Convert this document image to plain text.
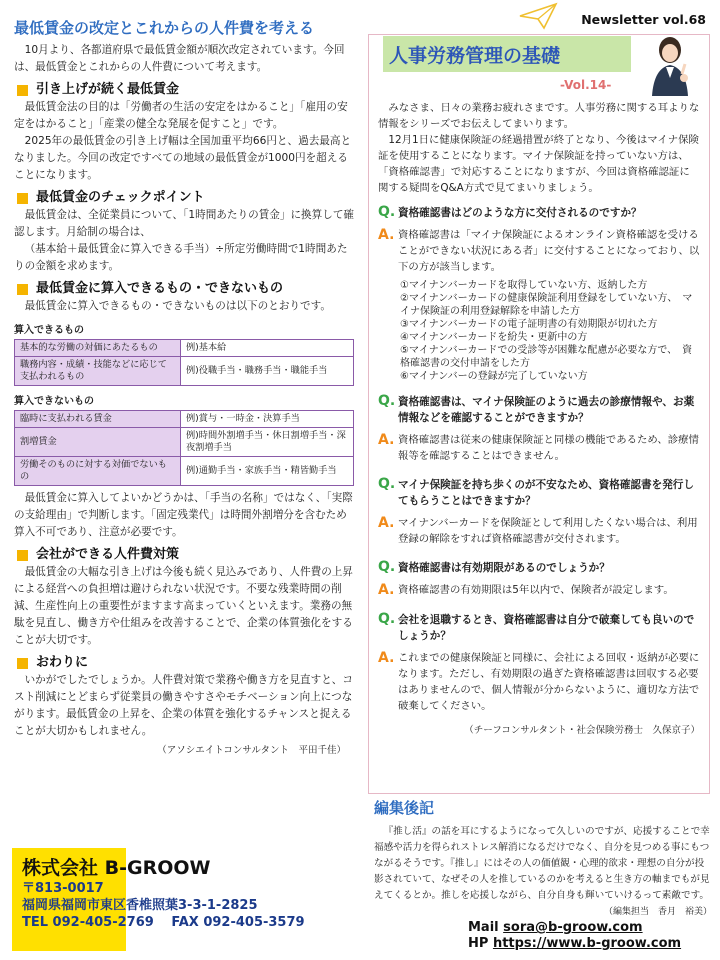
最低賃金の改定とこれからの人件費を考える
10月より、各都道府県で最低賃金額が順次改定されています。今回は、最低賃金とこれからの人件費について考えます。
引き上げが続く最低賃金
最低賃金法の目的は「労働者の生活の安定をはかること」「雇用の安定をはかること」「産業の健全な発展を促すこと」です。
2025年の最低賃金の引き上げ幅は全国加重平均66円と、過去最高となりました。今回の改定ですべての地域の最低賃金が1000円を超えることになります。
最低賃金のチェックポイント
最低賃金は、全従業員について、「1時間あたりの賃金」に換算して確認します。月給制の場合は、
（基本給＋最低賃金に算入できる手当）÷所定労働時間で1時間あたりの金額を求めます。
最低賃金に算入できるもの・できないもの
最低賃金に算入できるもの・できないものは以下のとおりです。
算入できるもの
基本的な労働の対価にあたるもの	例)基本給
職務内容・成績・技能などに応じて支払われるもの	例)役職手当・職務手当・職能手当
算入できないもの
臨時に支払われる賃金	例)賞与・一時金・決算手当
割増賃金	例)時間外割増手当・休日割増手当・深夜割増手当
労働そのものに対する対価でないもの	例)通勤手当・家族手当・精皆勤手当
最低賃金に算入してよいかどうかは、「手当の名称」ではなく、「実際の支給理由」で判断します。「固定残業代」は時間外割増分を含むため算入不可であり、注意が必要です。
会社ができる人件費対策
最低賃金の大幅な引き上げは今後も続く見込みであり、人件費の上昇による経営への負担増は避けられない状況です。不要な残業時間の削減、生産性向上の重要性がますます高まっていくといえます。業務の無駄を見直し、働き方や仕組みを改善することで、企業の体質強化をすることが大切です。
おわりに
いかがでしたでしょうか。人件費対策で業務や働き方を見直すと、コスト削減にとどまらず従業員の働きやすさやモチベーション向上につながります。最低賃金の上昇を、企業の体質を強化するチャンスと捉えることが大切かもしれません。
（アソシエイトコンサルタント　平田千佳）
株式会社 B-GROOW
〒813-0017
福岡県福岡市東区香椎照葉3-3-1-2825
TEL 092-405-2769　 FAX 092-405-3579
Newsletter vol.68
人事労務管理の基礎
-Vol.14-
みなさま、日々の業務お疲れさまです。人事労務に関する耳よりな情報をシリーズでお伝えしてまいります。
12月1日に健康保険証の経過措置が終了となり、今後はマイナ保険証を使用することになります。マイナ保険証を持っていない方は、「資格確認書」で対応することになりますが、今回は資格確認証に関する疑問をQ&A方式で見てまいりましょう。
Q. 資格確認書はどのような方に交付されるのですか？
A. 資格確認書は「マイナ保険証によるオンライン資格確認を受けることができない状況にある者」に交付することになっており、以下の方が該当します。
①マイナンバーカードを取得していない方、返納した方
②マイナンバーカードの健康保険証利用登録をしていない方、　マイナ保険証の利用登録解除を申請した方
③マイナンバーカードの電子証明書の有効期限が切れた方
④マイナンバーカードを紛失・更新中の方
⑤マイナンバーカードでの受診等が困難な配慮が必要な方で、　資格確認書の交付申請をした方
⑥マイナンバーの登録が完了していない方
Q. 資格確認書は、マイナ保険証のように過去の診療情報や、お薬情報などを確認することができますか？
A. 資格確認書は従来の健康保険証と同様の機能であるため、診療情報等を確認することはできません。
Q. マイナ保険証を持ち歩くのが不安なため、資格確認書を発行してもらうことはできますか？
A. マイナンバーカードを保険証として利用したくない場合は、利用登録の解除をすれば資格確認書が交付されます。
Q. 資格確認書は有効期限があるのでしょうか？
A. 資格確認書の有効期限は5年以内で、保険者が設定します。
Q. 会社を退職するとき、資格確認書は自分で破棄しても良いのでしょうか？
A. これまでの健康保険証と同様に、会社による回収・返納が必要になります。ただし、有効期限の過ぎた資格確認書は回収する必要はありませんので、個人情報が分からないように、適切な方法で破棄してください。
（チーフコンサルタント・社会保険労務士　久保京子）
編集後記
『推し活』の話を耳にするようになって久しいのですが、応援することで幸福感や活力を得られストレス解消になるだけでなく、自分を見つめる事にもつながるそうです。『推し』にはその人の価値観・心理的欲求・理想の自分が投影されていて、なぜその人を推しているのかを考えると生き方の軸までもが見えてくるとか。推しを応援しながら、自分自身も輝いていけるって素敵です。
（編集担当　香月　裕美）
Mail sora@b-groow.com
HP https://www.b-groow.com
